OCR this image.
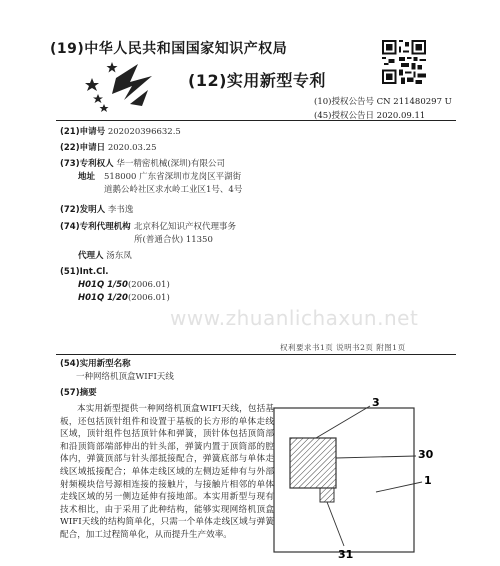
(19)中华人民共和国国家知识产权局
(12)实用新型专利
(10)授权公告号 CN 211480297 U
(45)授权公告日 2020.09.11
(21)申请号 202020396632.5
(22)申请日 2020.03.25
(73)专利权人 华一精密机械(深圳)有限公司
地址 518000 广东省深圳市龙岗区平湖街
道鹅公岭社区求水岭工业区1号、4号
(72)发明人 李书逸
(74)专利代理机构 北京科亿知识产权代理事务
所(普通合伙) 11350
代理人 汤东凤
(51)Int.Cl.
H01Q 1/50(2006.01)
H01Q 1/20(2006.01)
www.zhuanlichaxun.net
权利要求书1页 说明书2页 附图1页
(54)实用新型名称
一种网络机顶盒WIFI天线
(57)摘要
本实用新型提供一种网络机顶盒WIFI天线，包括基板，还包括顶针组件和设置于基板的长方形的单体走线区域，顶针组件包括顶针体和弹簧，顶针体包括顶筒部和沿顶筒部端部伸出的针头部，弹簧内置于顶筒部的腔体内，弹簧顶部与针头部抵接配合，弹簧底部与单体走线区域抵接配合；单体走线区域的左侧边延伸有与外部射频模块信号源相连接的接触片，与接触片相邻的单体走线区域的另一侧边延伸有接地部。本实用新型与现有技术相比，由于采用了此种结构，能够实现网络机顶盒WIFI天线的结构简单化，只需一个单体走线区域与弹簧配合，加工过程简单化，从而提升生产效率。
3
30
1
31
